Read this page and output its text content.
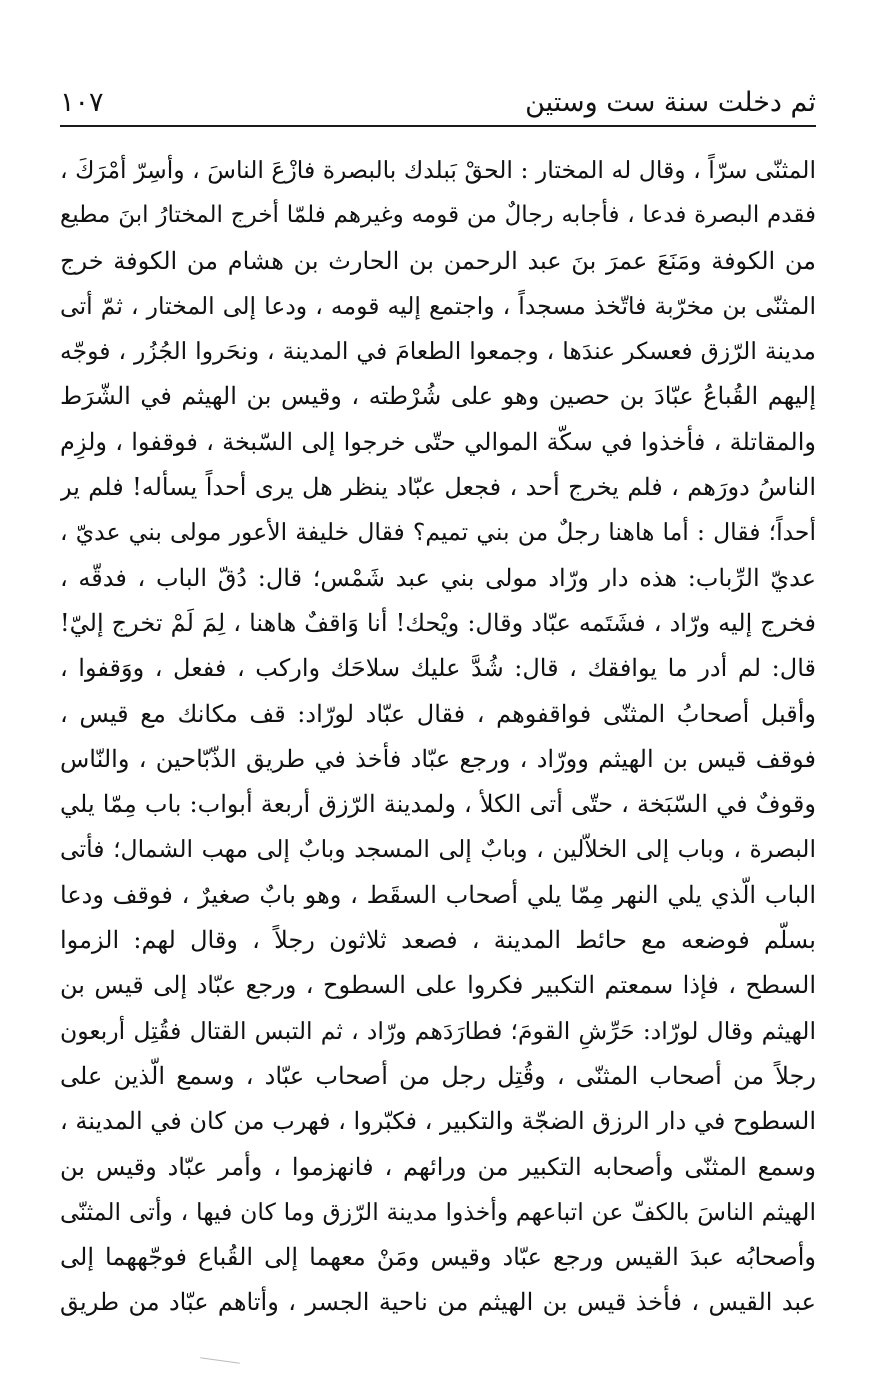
ثم دخلت سنة ست وستين
١٠٧
المثنّى سرّاً ، وقال له المختار : الحقْ بَبلدك بالبصرة فازْعَ الناسَ ، وأسِرّ أمْرَكَ ،
فقدم البصرة فدعا ، فأجابه رجالٌ من قومه وغيرهم فلمّا أخرج المختارُ ابنَ مطيع
من الكوفة ومَنَعَ عمرَ بنَ عبد الرحمن بن الحارث بن هشام من الكوفة خرج
المثنّى بن مخرّبة فاتّخذ مسجداً ، واجتمع إليه قومه ، ودعا إلى المختار ، ثمّ أتى
مدينة الرّزق فعسكر عندَها ، وجمعوا الطعامَ في المدينة ، ونحَروا الجُزُر ، فوجّه
إليهم القُباعُ عبّادَ بن حصين وهو على شُرْطته ، وقيس بن الهيثم في الشّرَط
والمقاتلة ، فأخذوا في سكّة الموالي حتّى خرجوا إلى السّبخة ، فوقفوا ، ولزِم
الناسُ دورَهم ، فلم يخرج أحد ، فجعل عبّاد ينظر هل يرى أحداً يسأله! فلم ير
أحداً؛ فقال : أما هاهنا رجلٌ من بني تميم؟ فقال خليفة الأعور مولى بني عديّ ،
عديّ الرِّباب: هذه دار ورّاد مولى بني عبد شَمْس؛ قال: دُقّ الباب ، فدقّه ،
فخرج إليه ورّاد ، فشَتَمه عبّاد وقال: ويْحك! أنا وَاقفٌ هاهنا ، لِمَ لَمْ تخرج إليّ!
قال: لم أدر ما يوافقك ، قال: شُدَّ عليك سلاحَك واركب ، ففعل ، ووَقفوا ،
وأقبل أصحابُ المثنّى فواقفوهم ، فقال عبّاد لورّاد: قف مكانك مع قيس ،
فوقف قيس بن الهيثم وورّاد ، ورجع عبّاد فأخذ في طريق الذّبّاحين ، والنّاس
وقوفٌ في السّبَخة ، حتّى أتى الكلأ ، ولمدينة الرّزق أربعة أبواب: باب مِمّا يلي
البصرة ، وباب إلى الخلاّلين ، وبابٌ إلى المسجد وبابٌ إلى مهب الشمال؛ فأتى
الباب الّذي يلي النهر مِمّا يلي أصحاب السقَط ، وهو بابٌ صغيرٌ ، فوقف ودعا
بسلّم فوضعه مع حائط المدينة ، فصعد ثلاثون رجلاً ، وقال لهم: الزموا
السطح ، فإذا سمعتم التكبير فكروا على السطوح ، ورجع عبّاد إلى قيس بن
الهيثم وقال لورّاد: حَرِّشِ القومَ؛ فطارَدَهم ورّاد ، ثم التبس القتال فقُتِل أربعون
رجلاً من أصحاب المثنّى ، وقُتِل رجل من أصحاب عبّاد ، وسمع الّذين على
السطوح في دار الرزق الضجّة والتكبير ، فكبّروا ، فهرب من كان في المدينة ،
وسمع المثنّى وأصحابه التكبير من ورائهم ، فانهزموا ، وأمر عبّاد وقيس بن
الهيثم الناسَ بالكفّ عن اتباعهم وأخذوا مدينة الرّزق وما كان فيها ، وأتى المثنّى
وأصحابُه عبدَ القيس ورجع عبّاد وقيس ومَنْ معهما إلى القُباع فوجّههما إلى
عبد القيس ، فأخذ قيس بن الهيثم من ناحية الجسر ، وأتاهم عبّاد من طريق
